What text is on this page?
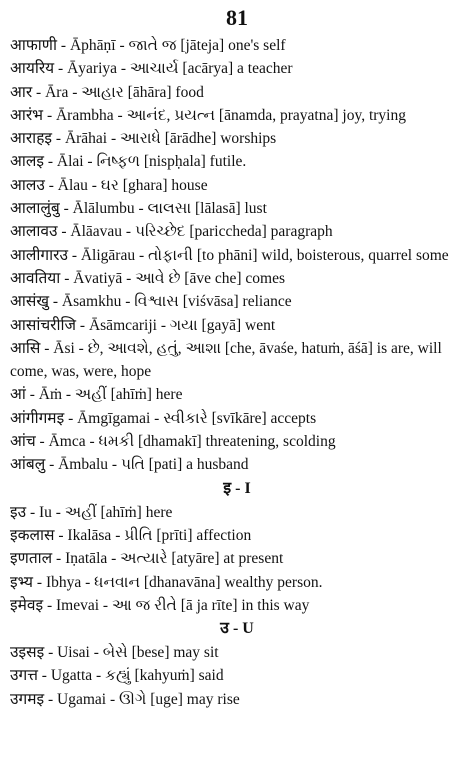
81
आफाणी - Āphāṇī - જાતે જ [jāteja] one's self
आयरिय - Āyariya - આચાર્ય [acārya] a teacher
आर - Āra - આહાર [āhāra] food
आरंभ - Ārambha - આનંદ, પ્રયત્ન [ānamda, prayatna] joy, trying
आराहइ - Ārāhai - આરાધે [ārādhe] worships
आलइ - Ālai - નિષ્ફળ [nispḥala] futile.
आलउ - Ālau - ઘર [ghara] house
आलालुंबु - Ālālumbu - લાલસા [lālasā] lust
आलावउ - Ālāavau - પરિચ્છેદ [pariccheda] paragraph
आलीगारउ - Āligārau - તોફાની [to phāni] wild, boisterous, quarrel some
आवतिया - Āvatiyā - આવે છે [āve che] comes
आसंखु - Āsamkhu - વિશ્વાસ [viśvāsa] reliance
आसांचरीजि - Āsāmcariji - ગયા [gayā] went
आसि - Āsi - છે, આવશે, હતું, આશા [che, āvaśe, hatuṁ, āśā] is are, will come, was, were, hope
आं - Āṁ - અહીં [ahīṁ] here
आंगीगमइ - Āmgīgamai - સ્વીકારે [svīkāre] accepts
आंच - Āmca - ધમકી [dhamakī] threatening, scolding
आंबलु - Āmbalu - પતિ [pati] a husband
इ - I
इउ - Iu - અહીં [ahīṁ] here
इकलास - Ikalāsa - પ્રીતિ [prīti] affection
इणताल - Iṇatāla - અત્યારે [atyāre] at present
इभ्य - Ibhya - ધનવાન [dhanavāna] wealthy person.
इमेवइ - Imevai - આ જ રીતે [ā ja rīte] in this way
उ - U
उइसइ - Uisai - બેસે [bese] may sit
उगत्त - Ugatta - કહ્યું [kahyuṁ] said
उगमइ - Ugamai - ઊગે [uge] may rise
